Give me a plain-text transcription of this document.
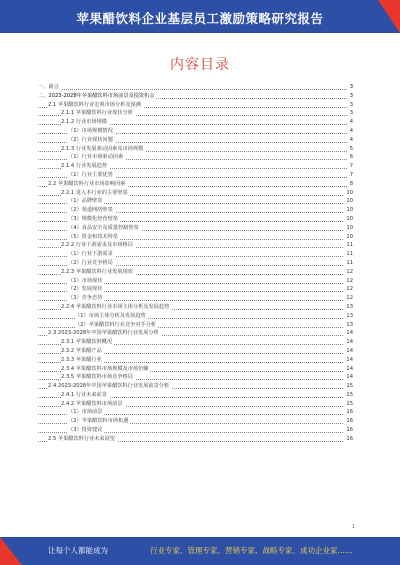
苹果醋饮料企业基层员工激励策略研究报告
内容目录
一、前言	3
二、2023-2028年苹果醋饮料市场前景及投资机会	3
2.1 苹果醋饮料行业宏观市场分析及预测	3
2.1.1 苹果醋饮料行业现状分析	3
2.1.2 行业市场规模	4
（1）市场规模情况	4
（2）行业现状问题	4
2.1.3 行业发展驱动因素及市场规模	5
（1）行业市场驱动因素	6
2.1.4 行业发展趋势	7
（1）行业主要优势	7
2.2 苹果醋饮料行业市场影响因素	8
2.2.1 进入本行业的主要壁垒	10
（1）品牌壁垒	10
（2）渠道网络壁垒	10
（3）规模化经营壁垒	10
（4）食品安全及质量控制壁垒	10
（5）资金和技术壁垒	10
2.2.2 行业下游需求及市场格局	11
（1）行业下游需求	11
（2）行业竞争格局	11
2.2.3 苹果醋饮料行业发展现状	12
（1）市场现状	12
（2）发展现状	12
（3）竞争态势	12
2.2.4 苹果醋饮料行业市场主体分析及发展趋势	13
（1）市场主体分析及发展趋势	13
（2）苹果醋饮料行业竞争对手分析	13
2.3 2023-2028年中国苹果醋饮料行业发展分析	14
2.3.1 苹果醋饮料概况	14
2.3.2 苹果醋产品	14
2.3.3 苹果醋行业	14
2.3.4 苹果醋饮料市场规模及市场份额	14
2.3.5 苹果醋饮料市场竞争格局	14
2.4 2023-2028年中国苹果醋饮料行业发展前景分析	15
2.4.1 行业未来前景	15
2.4.2 苹果醋饮料市场前景	15
（1）市场前景	16
（2）苹果醋饮料市场机遇	16
（3）投资建议	16
2.5 苹果醋饮料行业未来展望	16
1
让每个人都能成为	行业专家、管理专家、营销专家、战略专家、成功企业家……
